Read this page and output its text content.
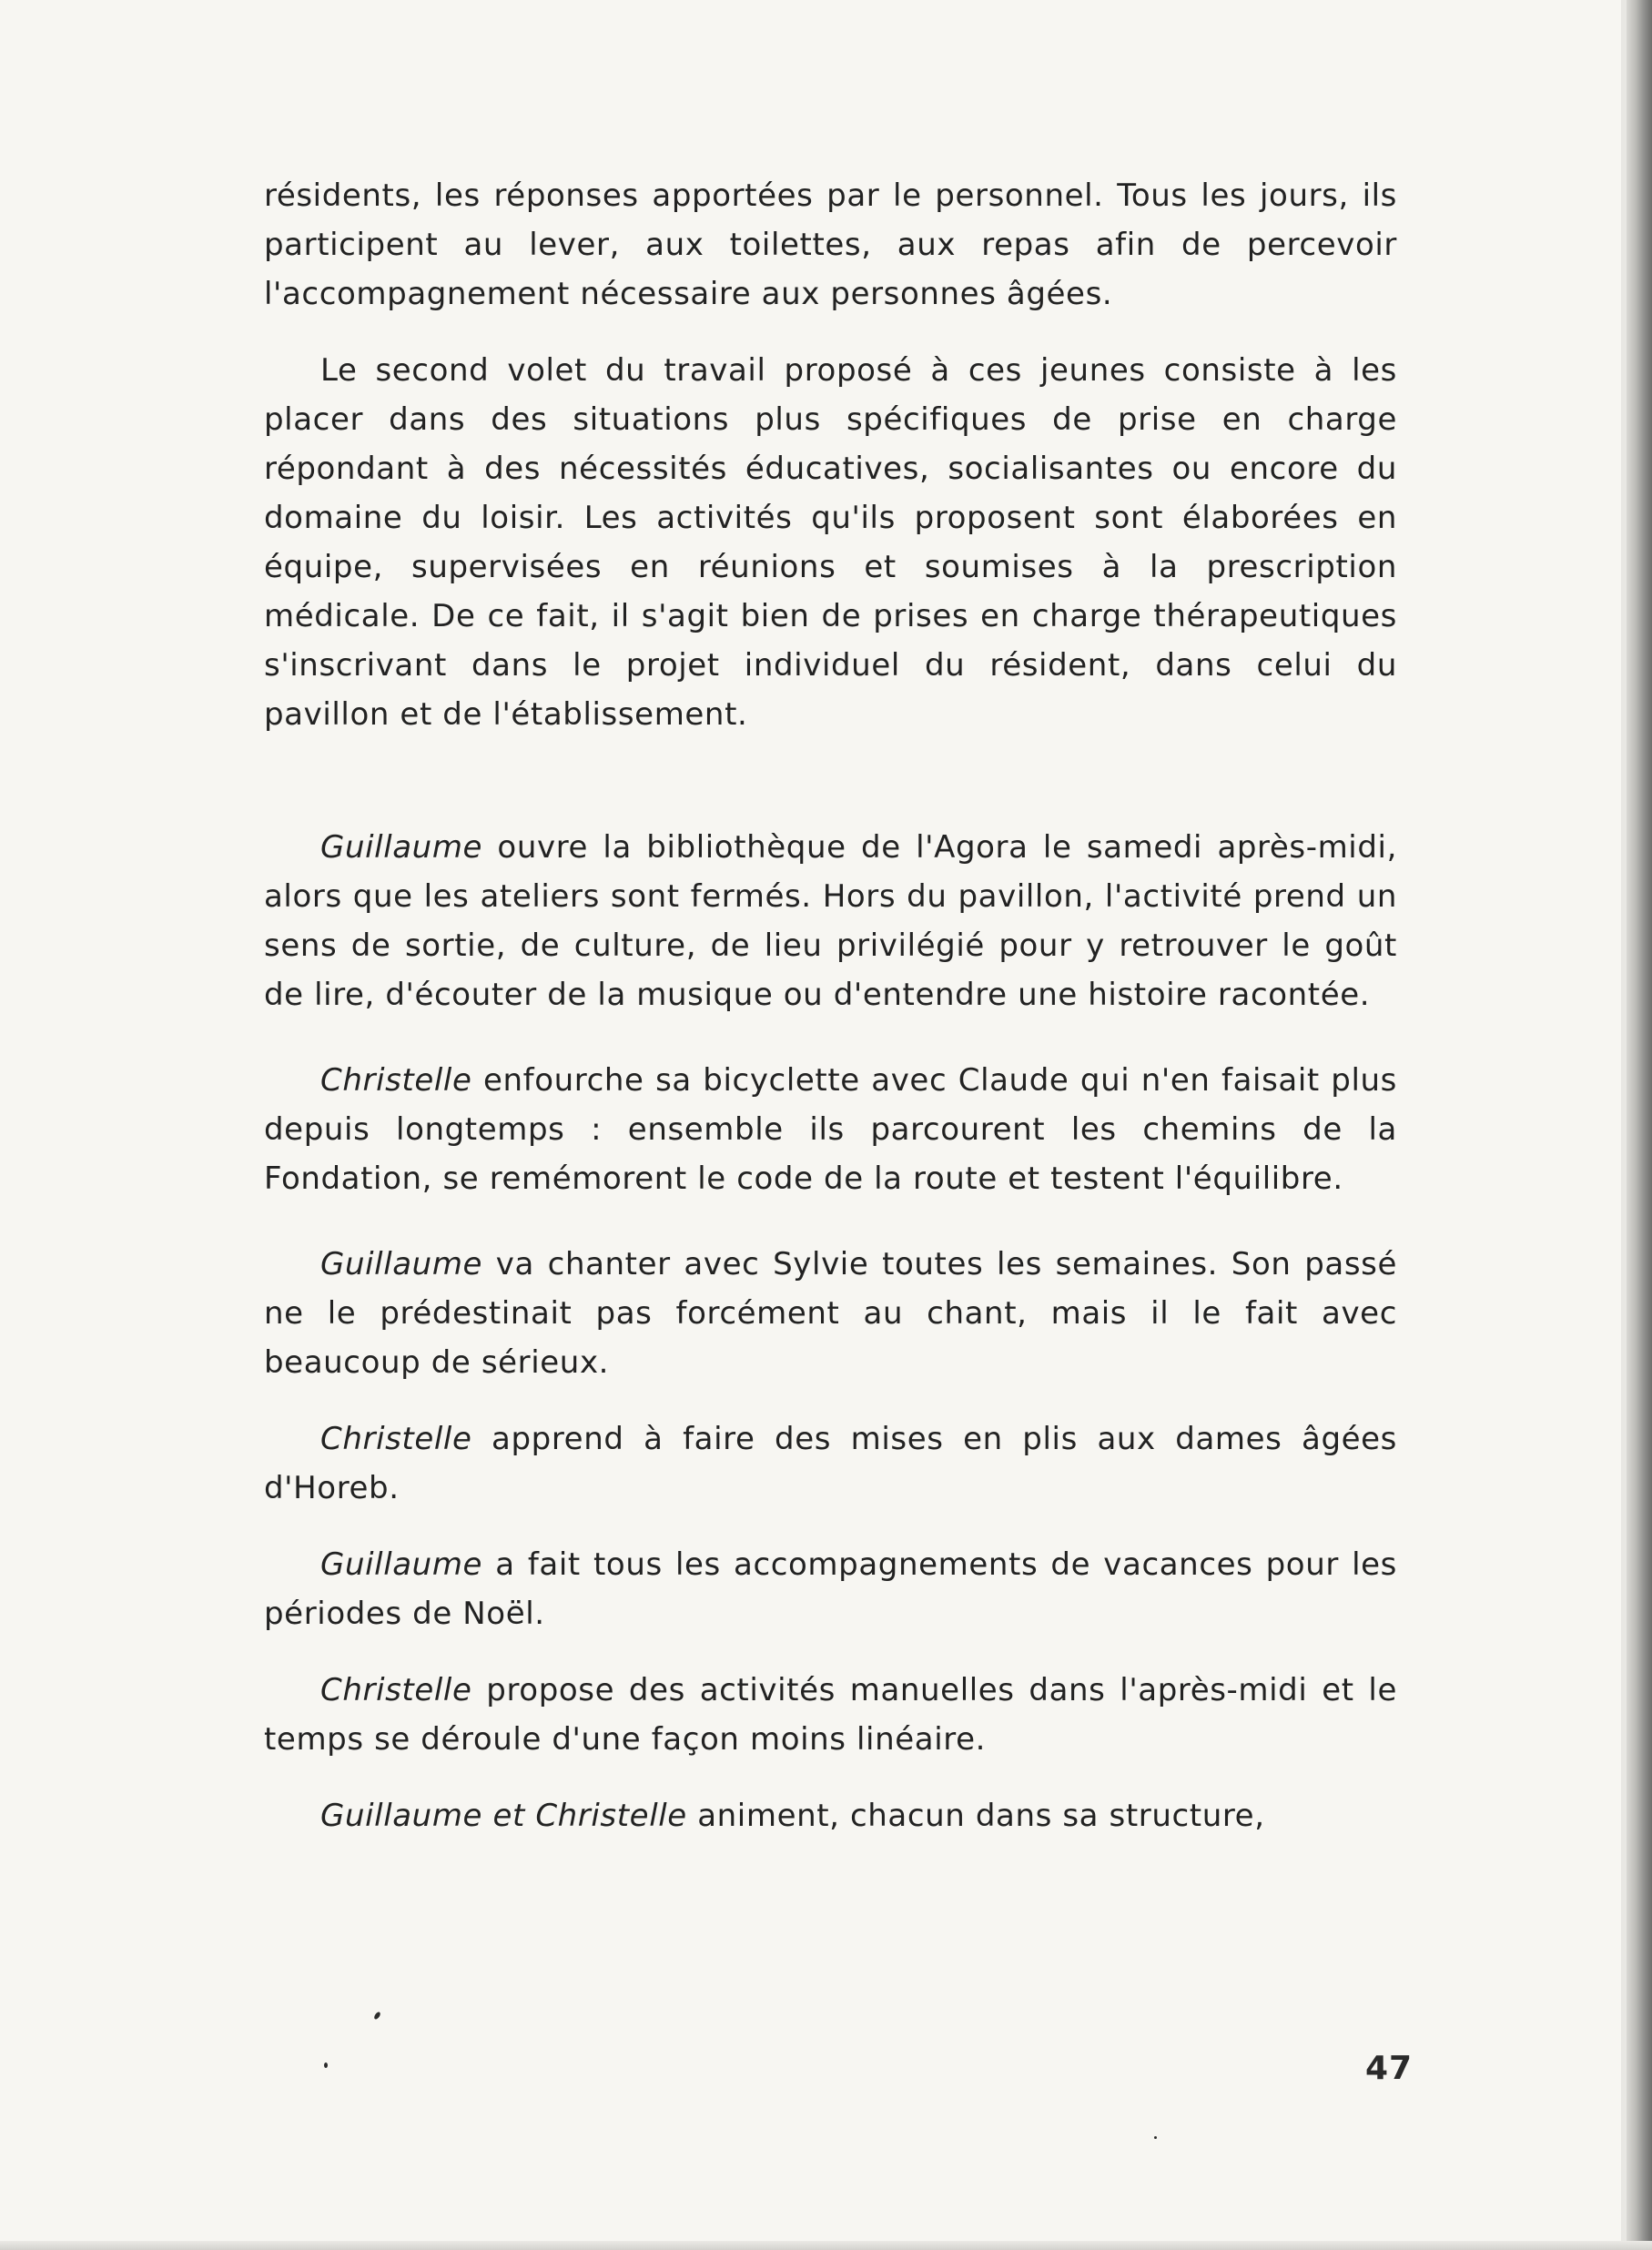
résidents, les réponses apportées par le personnel. Tous les jours, ils participent au lever, aux toilettes, aux repas afin de percevoir l'accompagnement nécessaire aux personnes âgées.

Le second volet du travail proposé à ces jeunes consiste à les placer dans des situations plus spécifiques de prise en charge répondant à des nécessités éducatives, socialisantes ou encore du domaine du loisir. Les activités qu'ils proposent sont élaborées en équipe, supervisées en réunions et soumises à la prescription médicale. De ce fait, il s'agit bien de prises en charge thérapeutiques s'inscrivant dans le projet individuel du résident, dans celui du pavillon et de l'établissement.

Guillaume ouvre la bibliothèque de l'Agora le samedi après-midi, alors que les ateliers sont fermés. Hors du pavillon, l'activité prend un sens de sortie, de culture, de lieu privilégié pour y retrouver le goût de lire, d'écouter de la musique ou d'entendre une histoire racontée.

Christelle enfourche sa bicyclette avec Claude qui n'en faisait plus depuis longtemps : ensemble ils parcourent les chemins de la Fondation, se remémorent le code de la route et testent l'équilibre.

Guillaume va chanter avec Sylvie toutes les semaines. Son passé ne le prédestinait pas forcément au chant, mais il le fait avec beaucoup de sérieux.

Christelle apprend à faire des mises en plis aux dames âgées d'Horeb.

Guillaume a fait tous les accompagnements de vacances pour les périodes de Noël.

Christelle propose des activités manuelles dans l'après-midi et le temps se déroule d'une façon moins linéaire.

Guillaume et Christelle animent, chacun dans sa structure,

47
